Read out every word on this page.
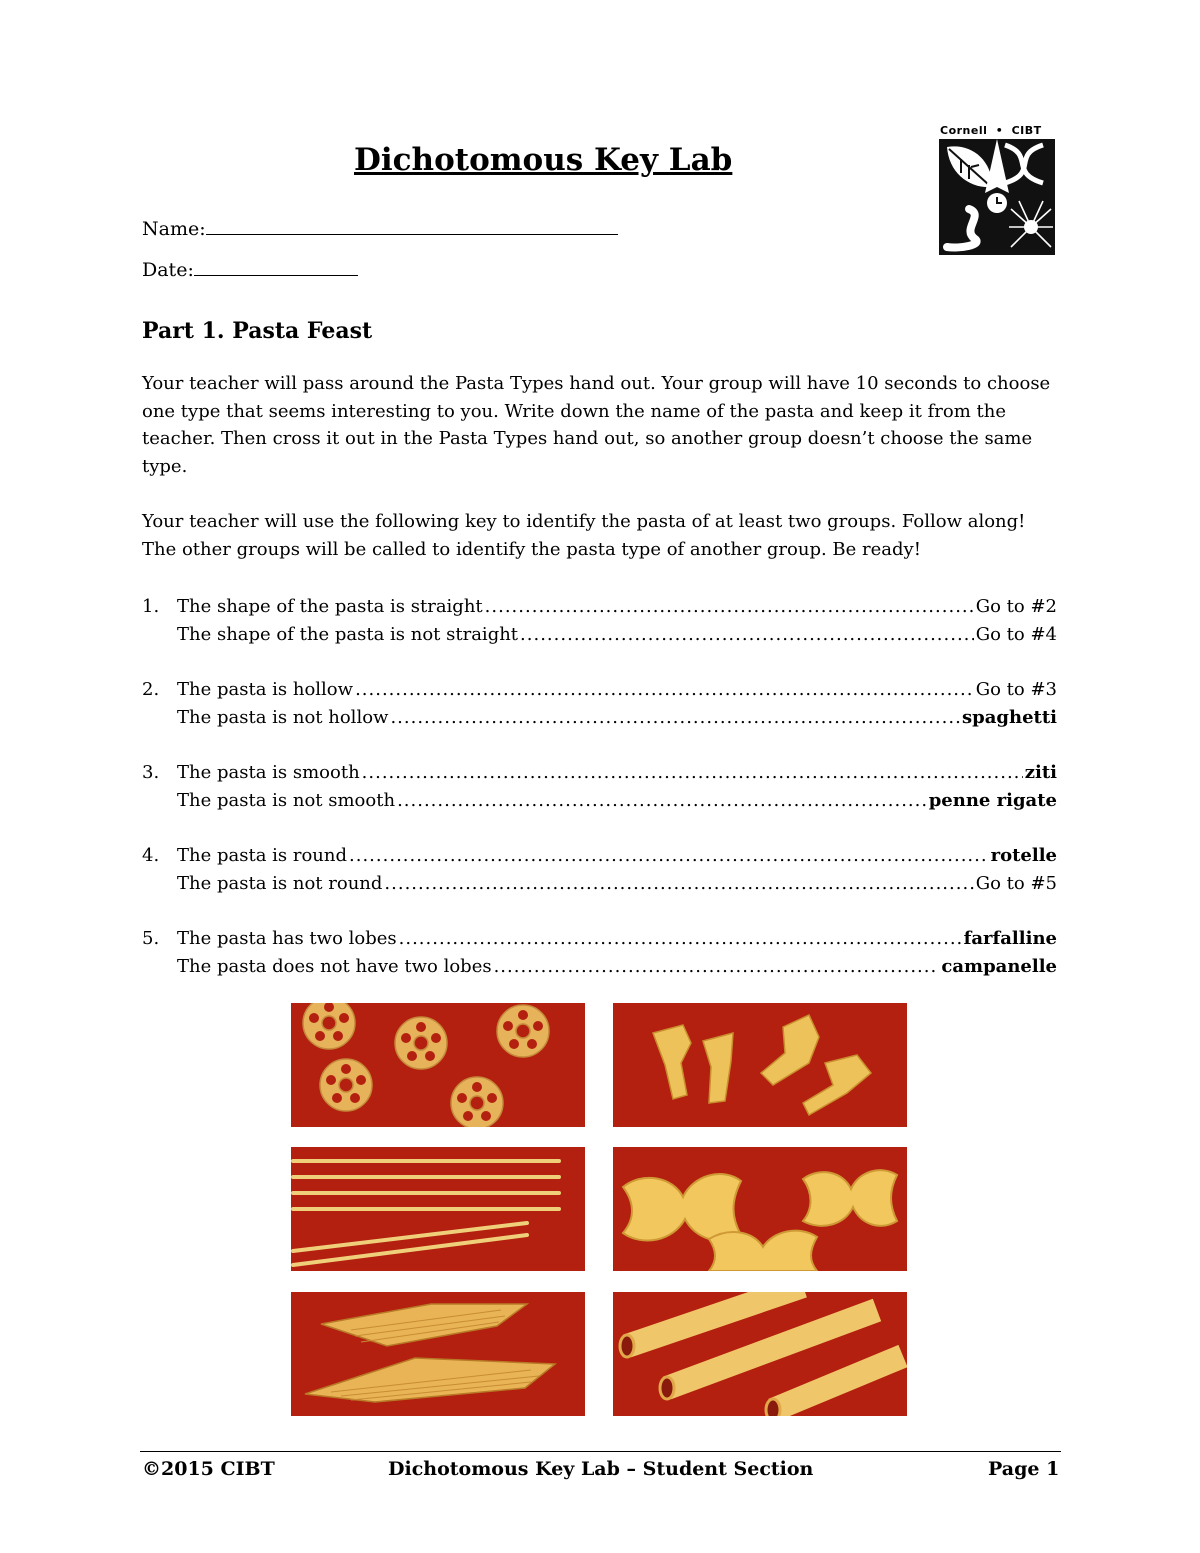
Dichotomous Key Lab
Cornell • CIBT
Name:
Date:
Part 1. Pasta Feast
Your teacher will pass around the Pasta Types hand out. Your group will have 10 seconds to choose one type that seems interesting to you. Write down the name of the pasta and keep it from the teacher. Then cross it out in the Pasta Types hand out, so another group doesn’t choose the same type.
Your teacher will use the following key to identify the pasta of at least two groups. Follow along! The other groups will be called to identify the pasta type of another group. Be ready!
1. The shape of the pasta is straight .....	Go to #2
The shape of the pasta is not straight .....	Go to #4
2. The pasta is hollow .....	Go to #3
The pasta is not hollow .....	spaghetti
3. The pasta is smooth .....	ziti
The pasta is not smooth .....	penne rigate
4. The pasta is round .....	rotelle
The pasta is not round .....	Go to #5
5. The pasta has two lobes .....	farfalline
The pasta does not have two lobes .....	campanelle
©2015 CIBT	Dichotomous Key Lab – Student Section	Page 1
